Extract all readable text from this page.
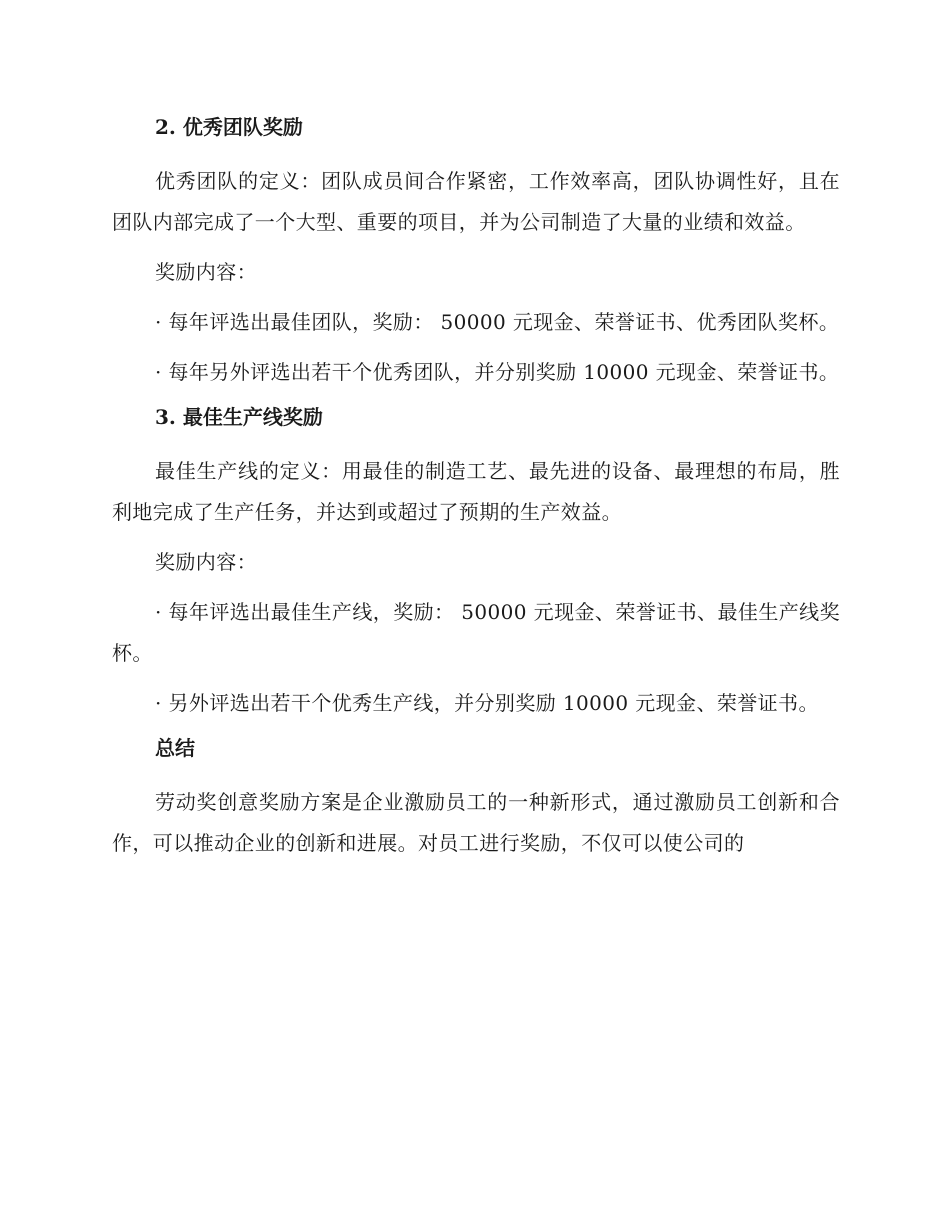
2. 优秀团队奖励

优秀团队的定义：团队成员间合作紧密，工作效率高，团队协调性好，且在团队内部完成了一个大型、重要的项目，并为公司制造了大量的业绩和效益。

奖励内容：

· 每年评选出最佳团队，奖励： 50000 元现金、荣誉证书、优秀团队奖杯。

· 每年另外评选出若干个优秀团队，并分别奖励 10000 元现金、荣誉证书。

3. 最佳生产线奖励

最佳生产线的定义：用最佳的制造工艺、最先进的设备、最理想的布局，胜利地完成了生产任务，并达到或超过了预期的生产效益。

奖励内容：

· 每年评选出最佳生产线，奖励： 50000 元现金、荣誉证书、最佳生产线奖杯。

· 另外评选出若干个优秀生产线，并分别奖励 10000 元现金、荣誉证书。

总结

劳动奖创意奖励方案是企业激励员工的一种新形式，通过激励员工创新和合作，可以推动企业的创新和进展。对员工进行奖励，不仅可以使公司的
